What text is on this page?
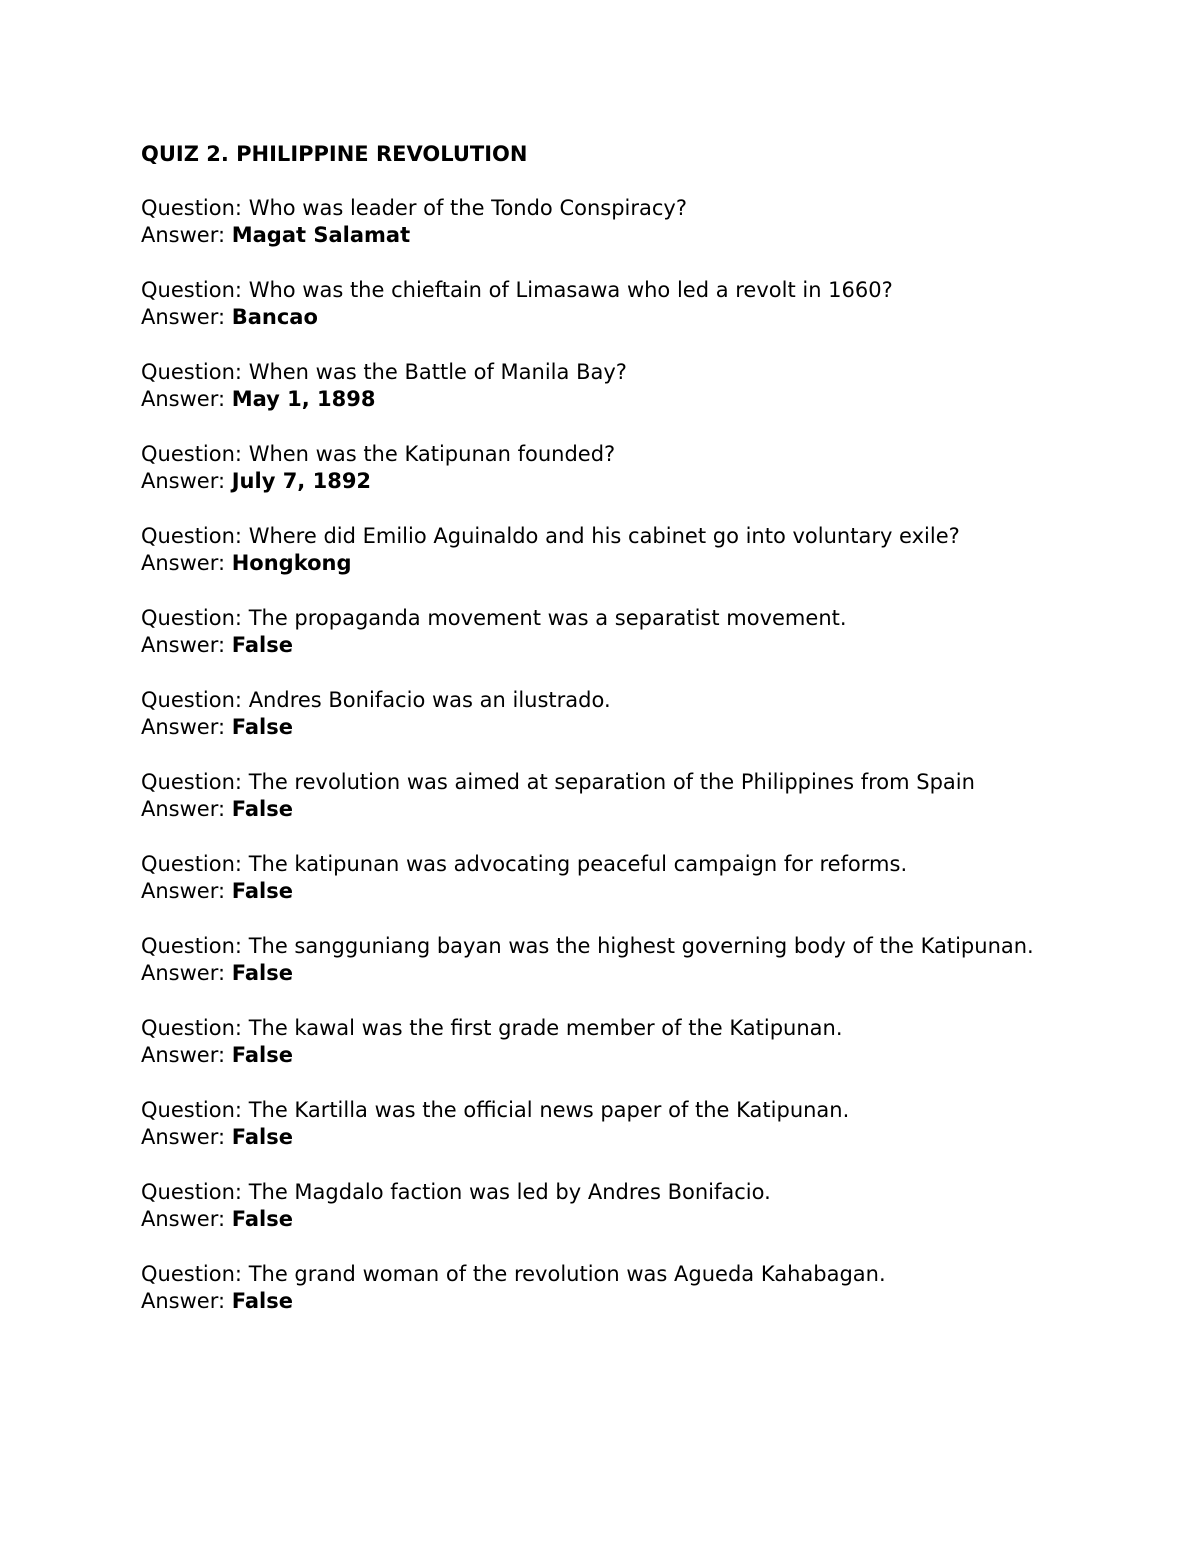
QUIZ 2. PHILIPPINE REVOLUTION
Question: Who was leader of the Tondo Conspiracy?
Answer: Magat Salamat
Question: Who was the chieftain of Limasawa who led a revolt in 1660?
Answer: Bancao
Question: When was the Battle of Manila Bay?
Answer: May 1, 1898
Question: When was the Katipunan founded?
Answer: July 7, 1892
Question: Where did Emilio Aguinaldo and his cabinet go into voluntary exile?
Answer: Hongkong
Question: The propaganda movement was a separatist movement.
Answer: False
Question: Andres Bonifacio was an ilustrado.
Answer: False
Question: The revolution was aimed at separation of the Philippines from Spain
Answer: False
Question: The katipunan was advocating peaceful campaign for reforms.
Answer: False
Question: The sangguniang bayan was the highest governing body of the Katipunan.
Answer: False
Question: The kawal was the first grade member of the Katipunan.
Answer: False
Question: The Kartilla was the official news paper of the Katipunan.
Answer: False
Question: The Magdalo faction was led by Andres Bonifacio.
Answer: False
Question: The grand woman of the revolution was Agueda Kahabagan.
Answer: False
